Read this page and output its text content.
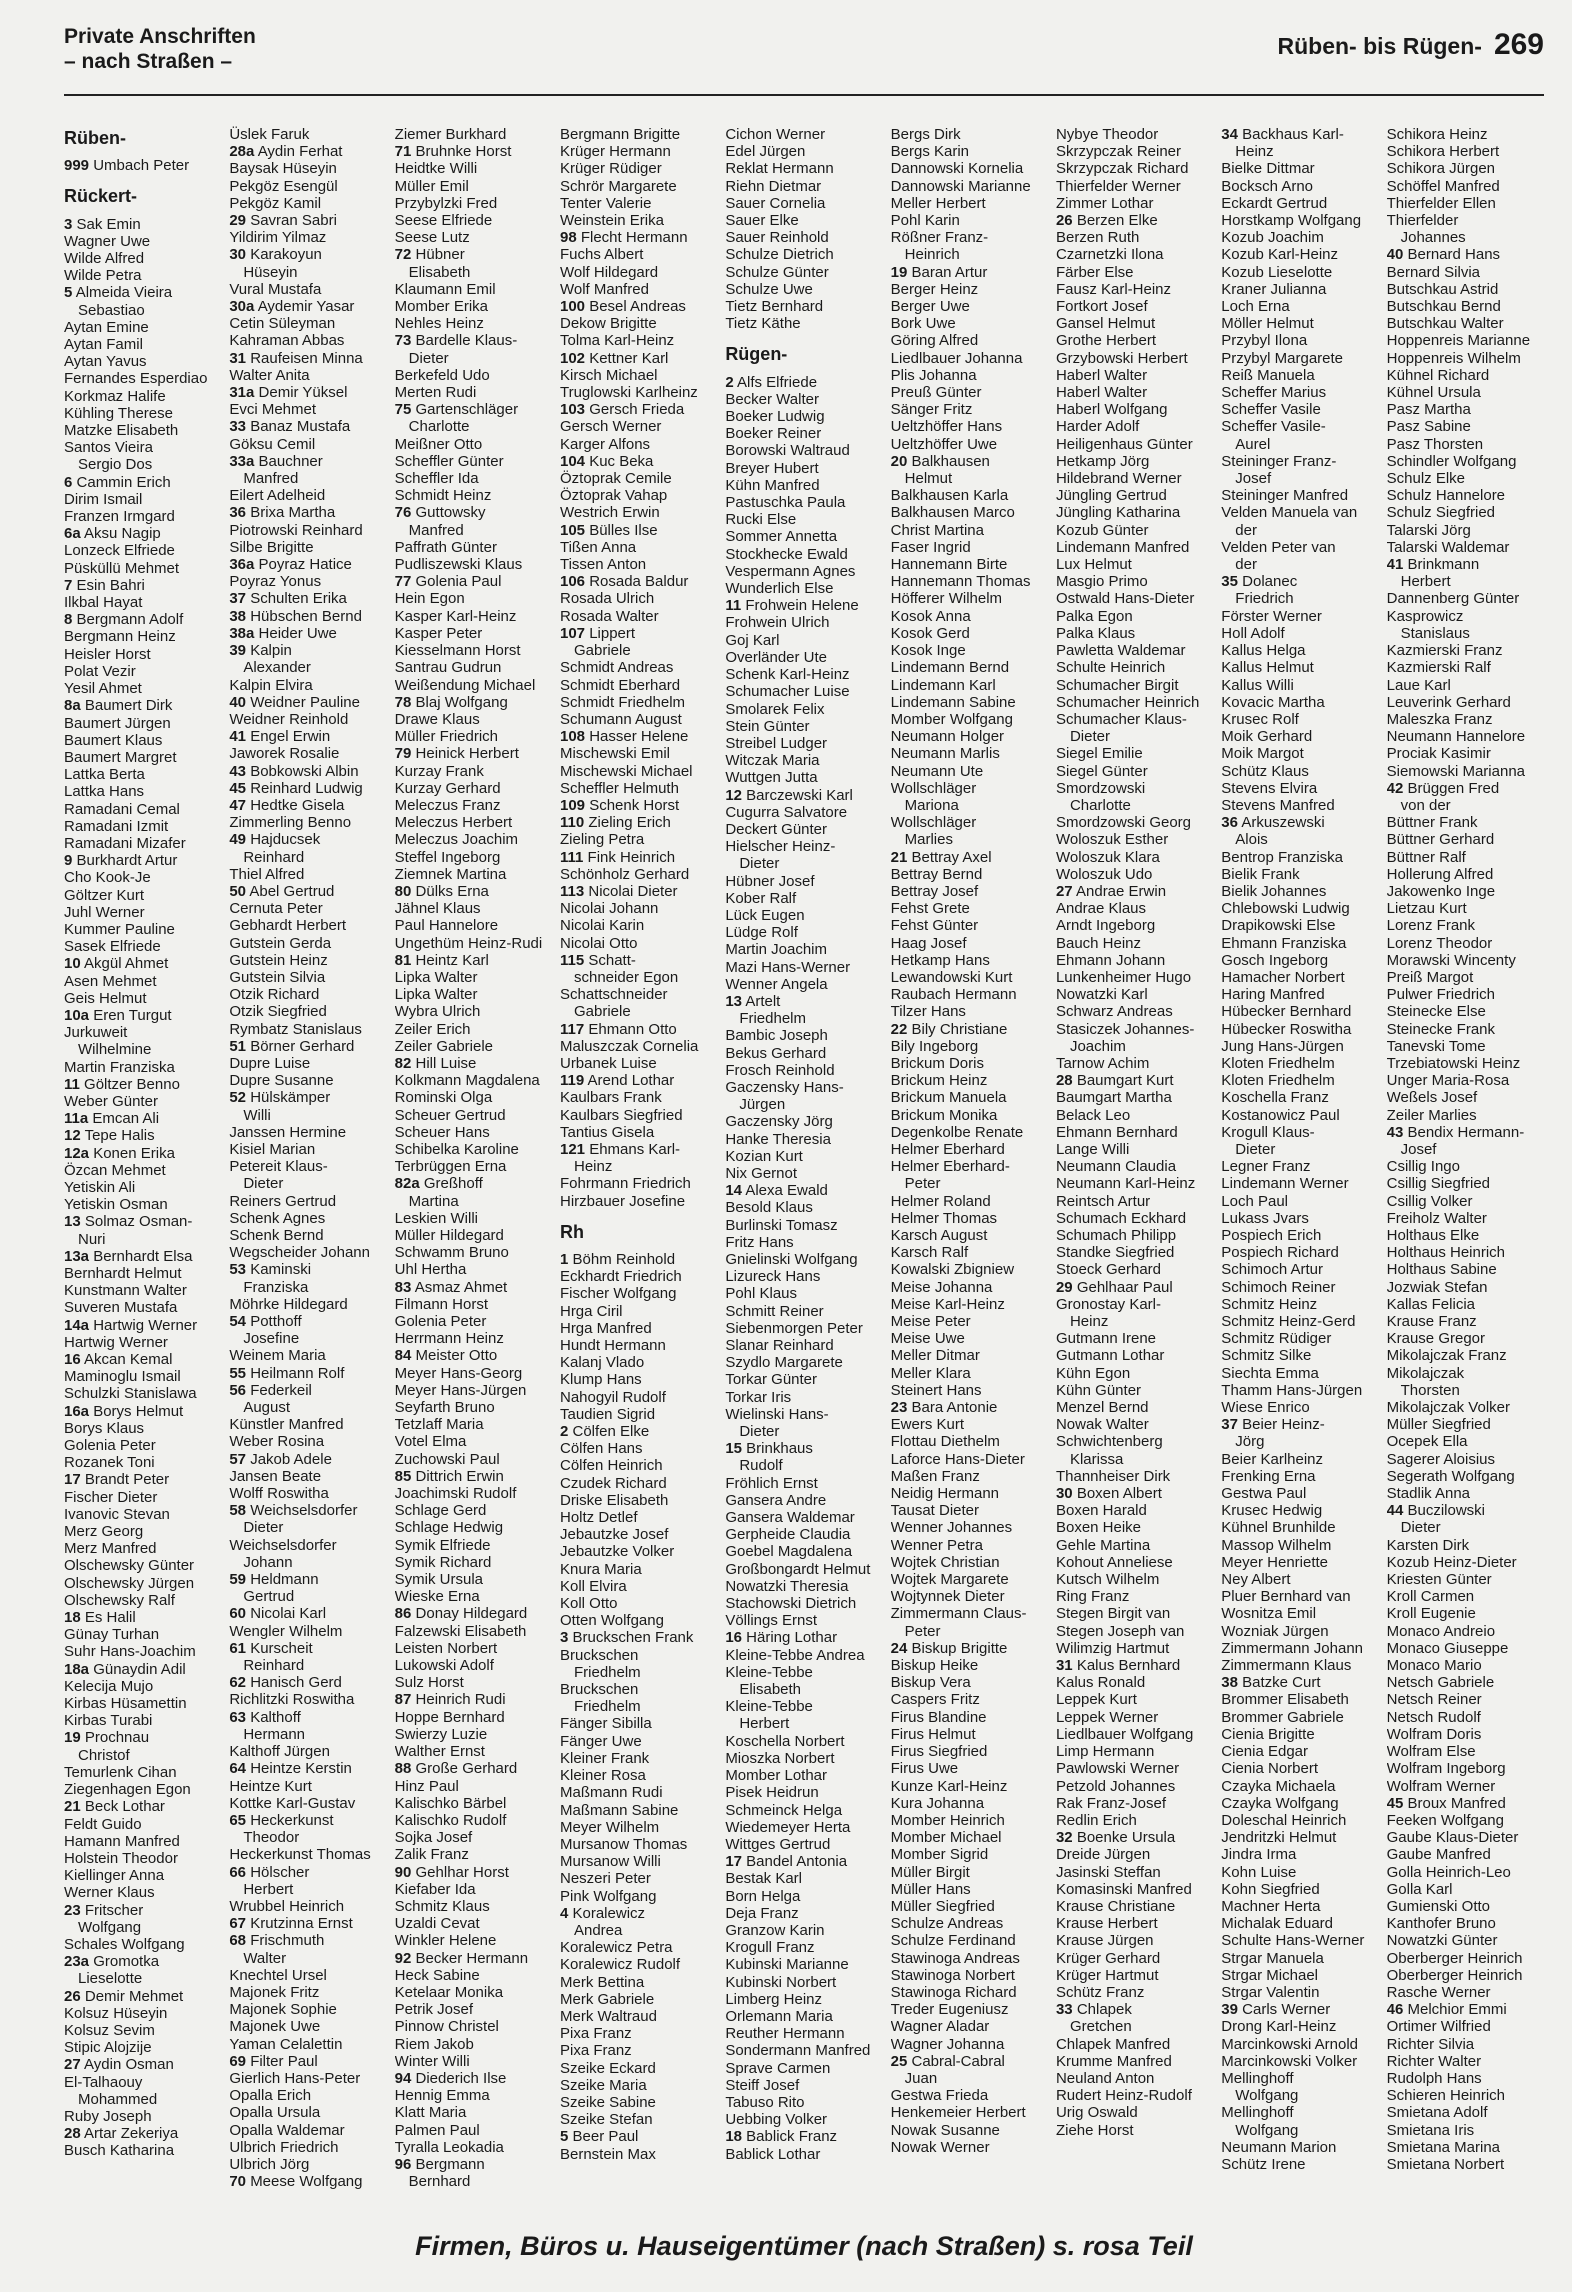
Private Anschriften
– nach Straßen –
Rüben- bis Rügen- 269
Rüben-
999 Umbach Peter
Rückert-
3 Sak Emin
Wagner Uwe
Wilde Alfred
Wilde Petra
5 Almeida Vieira
Sebastiao
Aytan Emine
Aytan Famil
Aytan Yavus
Fernandes Esperdiao
Korkmaz Halife
Kühling Therese
Matzke Elisabeth
Santos Vieira
Sergio Dos
6 Cammin Erich
Dirim Ismail
Franzen Irmgard
6a Aksu Nagip
Lonzeck Elfriede
Püsküllü Mehmet
7 Esin Bahri
Ilkbal Hayat
8 Bergmann Adolf
Bergmann Heinz
Heisler Horst
Polat Vezir
Yesil Ahmet
8a Baumert Dirk
Baumert Jürgen
Baumert Klaus
Baumert Margret
Lattka Berta
Lattka Hans
Ramadani Cemal
Ramadani Izmit
Ramadani Mizafer
9 Burkhardt Artur
Cho Kook-Je
Göltzer Kurt
Juhl Werner
Kummer Pauline
Sasek Elfriede
10 Akgül Ahmet
Asen Mehmet
Geis Helmut
10a Eren Turgut
Jurkuweit
Wilhelmine
Martin Franziska
11 Göltzer Benno
Weber Günter
11a Emcan Ali
12 Tepe Halis
12a Konen Erika
Özcan Mehmet
Yetiskin Ali
Yetiskin Osman
13 Solmaz Osman-
Nuri
13a Bernhardt Elsa
Bernhardt Helmut
Kunstmann Walter
Suveren Mustafa
14a Hartwig Werner
Hartwig Werner
16 Akcan Kemal
Maminoglu Ismail
Schulzki Stanislawa
16a Borys Helmut
Borys Klaus
Golenia Peter
Rozanek Toni
17 Brandt Peter
Fischer Dieter
Ivanovic Stevan
Merz Georg
Merz Manfred
Olschewsky Günter
Olschewsky Jürgen
Olschewsky Ralf
18 Es Halil
Günay Turhan
Suhr Hans-Joachim
18a Günaydin Adil
Kelecija Mujo
Kirbas Hüsamettin
Kirbas Turabi
19 Prochnau
Christof
Temurlenk Cihan
Ziegenhagen Egon
21 Beck Lothar
Feldt Guido
Hamann Manfred
Holstein Theodor
Kiellinger Anna
Werner Klaus
23 Fritscher
Wolfgang
Schales Wolfgang
23a Gromotka
Lieselotte
26 Demir Mehmet
Kolsuz Hüseyin
Kolsuz Sevim
Stipic Alojzije
27 Aydin Osman
El-Talhaouy
Mohammed
Ruby Joseph
28 Artar Zekeriya
Busch Katharina
Üslek Faruk
28a Aydin Ferhat
Baysak Hüseyin
Pekgöz Esengül
Pekgöz Kamil
29 Savran Sabri
Yildirim Yilmaz
30 Karakoyun
Hüseyin
Vural Mustafa
30a Aydemir Yasar
Cetin Süleyman
Kahraman Abbas
31 Raufeisen Minna
Walter Anita
31a Demir Yüksel
Evci Mehmet
33 Banaz Mustafa
Göksu Cemil
33a Bauchner
Manfred
Eilert Adelheid
36 Brixa Martha
Piotrowski Reinhard
Silbe Brigitte
36a Poyraz Hatice
Poyraz Yonus
37 Schulten Erika
38 Hübschen Bernd
38a Heider Uwe
39 Kalpin
Alexander
Kalpin Elvira
40 Weidner Pauline
Weidner Reinhold
41 Engel Erwin
Jaworek Rosalie
43 Bobkowski Albin
45 Reinhard Ludwig
47 Hedtke Gisela
Zimmerling Benno
49 Hajducsek
Reinhard
Thiel Alfred
50 Abel Gertrud
Cernuta Peter
Gebhardt Herbert
Gutstein Gerda
Gutstein Heinz
Gutstein Silvia
Otzik Richard
Otzik Siegfried
Rymbatz Stanislaus
51 Börner Gerhard
Dupre Luise
Dupre Susanne
52 Hülskämper
Willi
Janssen Hermine
Kisiel Marian
Petereit Klaus-
Dieter
Reiners Gertrud
Schenk Agnes
Schenk Bernd
Wegscheider Johann
53 Kaminski
Franziska
Möhrke Hildegard
54 Potthoff
Josefine
Weinem Maria
55 Heilmann Rolf
56 Federkeil
August
Künstler Manfred
Weber Rosina
57 Jakob Adele
Jansen Beate
Wolff Roswitha
58 Weichselsdorfer
Dieter
Weichselsdorfer
Johann
59 Heldmann
Gertrud
60 Nicolai Karl
Wengler Wilhelm
61 Kurscheit
Reinhard
62 Hanisch Gerd
Richlitzki Roswitha
63 Kalthoff
Hermann
Kalthoff Jürgen
64 Heintze Kerstin
Heintze Kurt
Kottke Karl-Gustav
65 Heckerkunst
Theodor
Heckerkunst Thomas
66 Hölscher
Herbert
Wrubbel Heinrich
67 Krutzinna Ernst
68 Frischmuth
Walter
Knechtel Ursel
Majonek Fritz
Majonek Sophie
Majonek Uwe
Yaman Celalettin
69 Filter Paul
Gierlich Hans-Peter
Opalla Erich
Opalla Ursula
Opalla Waldemar
Ulbrich Friedrich
Ulbrich Jörg
70 Meese Wolfgang
Ziemer Burkhard
71 Bruhnke Horst
Heidtke Willi
Müller Emil
Przybylzki Fred
Seese Elfriede
Seese Lutz
72 Hübner
Elisabeth
Klaumann Emil
Momber Erika
Nehles Heinz
73 Bardelle Klaus-
Dieter
Berkefeld Udo
Merten Rudi
75 Gartenschläger
Charlotte
Meißner Otto
Scheffler Günter
Scheffler Ida
Schmidt Heinz
76 Guttowsky
Manfred
Paffrath Günter
Pudliszewski Klaus
77 Golenia Paul
Hein Egon
Kasper Karl-Heinz
Kasper Peter
Kiesselmann Horst
Santrau Gudrun
Weißendung Michael
78 Blaj Wolfgang
Drawe Klaus
Müller Friedrich
79 Heinick Herbert
Kurzay Frank
Kurzay Gerhard
Meleczus Franz
Meleczus Herbert
Meleczus Joachim
Steffel Ingeborg
Ziemnek Martina
80 Dülks Erna
Jähnel Klaus
Paul Hannelore
Ungethüm Heinz-Rudi
81 Heintz Karl
Lipka Walter
Lipka Walter
Wybra Ulrich
Zeiler Erich
Zeiler Gabriele
82 Hill Luise
Kolkmann Magdalena
Rominski Olga
Scheuer Gertrud
Scheuer Hans
Schibelka Karoline
Terbrüggen Erna
82a Greßhoff
Martina
Leskien Willi
Müller Hildegard
Schwamm Bruno
Uhl Hertha
83 Asmaz Ahmet
Filmann Horst
Golenia Peter
Herrmann Heinz
84 Meister Otto
Meyer Hans-Georg
Meyer Hans-Jürgen
Seyfarth Bruno
Tetzlaff Maria
Votel Elma
Zuchowski Paul
85 Dittrich Erwin
Joachimski Rudolf
Schlage Gerd
Schlage Hedwig
Symik Elfriede
Symik Richard
Symik Ursula
Wieske Erna
86 Donay Hildegard
Falzewski Elisabeth
Leisten Norbert
Lukowski Adolf
Sulz Horst
87 Heinrich Rudi
Hoppe Bernhard
Swierzy Luzie
Walther Ernst
88 Große Gerhard
Hinz Paul
Kalischko Bärbel
Kalischko Rudolf
Sojka Josef
Zalik Franz
90 Gehlhar Horst
Kiefaber Ida
Schmitz Klaus
Uzaldi Cevat
Winkler Helene
92 Becker Hermann
Heck Sabine
Ketelaar Monika
Petrik Josef
Pinnow Christel
Riem Jakob
Winter Willi
94 Diederich Ilse
Hennig Emma
Klatt Maria
Palmen Paul
Tyralla Leokadia
96 Bergmann
Bernhard
Bergmann Brigitte
Krüger Hermann
Krüger Rüdiger
Schrör Margarete
Tenter Valerie
Weinstein Erika
98 Flecht Hermann
Fuchs Albert
Wolf Hildegard
Wolf Manfred
100 Besel Andreas
Dekow Brigitte
Tolma Karl-Heinz
102 Kettner Karl
Kirsch Michael
Truglowski Karlheinz
103 Gersch Frieda
Gersch Werner
Karger Alfons
104 Kuc Beka
Öztoprak Cemile
Öztoprak Vahap
Westrich Erwin
105 Bülles Ilse
Tißen Anna
Tissen Anton
106 Rosada Baldur
Rosada Ulrich
Rosada Walter
107 Lippert
Gabriele
Schmidt Andreas
Schmidt Eberhard
Schmidt Friedhelm
Schumann August
108 Hasser Helene
Mischewski Emil
Mischewski Michael
Scheffler Helmuth
109 Schenk Horst
110 Zieling Erich
Zieling Petra
111 Fink Heinrich
Schönholz Gerhard
113 Nicolai Dieter
Nicolai Johann
Nicolai Karin
Nicolai Otto
115 Schatt-
schneider Egon
Schattschneider
Gabriele
117 Ehmann Otto
Maluszczak Cornelia
Urbanek Luise
119 Arend Lothar
Kaulbars Frank
Kaulbars Siegfried
Tantius Gisela
121 Ehmans Karl-
Heinz
Fohrmann Friedrich
Hirzbauer Josefine
Rh
1 Böhm Reinhold
Eckhardt Friedrich
Fischer Wolfgang
Hrga Ciril
Hrga Manfred
Hundt Hermann
Kalanj Vlado
Klump Hans
Nahogyil Rudolf
Taudien Sigrid
2 Cölfen Elke
Cölfen Hans
Cölfen Heinrich
Czudek Richard
Driske Elisabeth
Holtz Detlef
Jebautzke Josef
Jebautzke Volker
Knura Maria
Koll Elvira
Koll Otto
Otten Wolfgang
3 Bruckschen Frank
Bruckschen
Friedhelm
Bruckschen
Friedhelm
Fänger Sibilla
Fänger Uwe
Kleiner Frank
Kleiner Rosa
Maßmann Rudi
Maßmann Sabine
Meyer Wilhelm
Mursanow Thomas
Mursanow Willi
Neszeri Peter
Pink Wolfgang
4 Koralewicz
Andrea
Koralewicz Petra
Koralewicz Rudolf
Merk Bettina
Merk Gabriele
Merk Waltraud
Pixa Franz
Pixa Franz
Szeike Eckard
Szeike Maria
Szeike Sabine
Szeike Stefan
5 Beer Paul
Bernstein Max
Cichon Werner
Edel Jürgen
Reklat Hermann
Riehn Dietmar
Sauer Cornelia
Sauer Elke
Sauer Reinhold
Schulze Dietrich
Schulze Günter
Schulze Uwe
Tietz Bernhard
Tietz Käthe
Rügen-
2 Alfs Elfriede
Becker Walter
Boeker Ludwig
Boeker Reiner
Borowski Waltraud
Breyer Hubert
Kühn Manfred
Pastuschka Paula
Rucki Else
Sommer Annetta
Stockhecke Ewald
Vespermann Agnes
Wunderlich Else
11 Frohwein Helene
Frohwein Ulrich
Goj Karl
Overländer Ute
Schenk Karl-Heinz
Schumacher Luise
Smolarek Felix
Stein Günter
Streibel Ludger
Witczak Maria
Wuttgen Jutta
12 Barczewski Karl
Cugurra Salvatore
Deckert Günter
Hielscher Heinz-
Dieter
Hübner Josef
Kober Ralf
Lück Eugen
Lüdge Rolf
Martin Joachim
Mazi Hans-Werner
Wenner Angela
13 Artelt
Friedhelm
Bambic Joseph
Bekus Gerhard
Frosch Reinhold
Gaczensky Hans-
Jürgen
Gaczensky Jörg
Hanke Theresia
Kozian Kurt
Nix Gernot
14 Alexa Ewald
Besold Klaus
Burlinski Tomasz
Fritz Hans
Gnielinski Wolfgang
Lizureck Hans
Pohl Klaus
Schmitt Reiner
Siebenmorgen Peter
Slanar Reinhard
Szydlo Margarete
Torkar Günter
Torkar Iris
Wielinski Hans-
Dieter
15 Brinkhaus
Rudolf
Fröhlich Ernst
Gansera Andre
Gansera Waldemar
Gerpheide Claudia
Goebel Magdalena
Großbongardt Helmut
Nowatzki Theresia
Stachowski Dietrich
Völlings Ernst
16 Häring Lothar
Kleine-Tebbe Andrea
Kleine-Tebbe
Elisabeth
Kleine-Tebbe
Herbert
Koschella Norbert
Mioszka Norbert
Momber Lothar
Pisek Heidrun
Schmeinck Helga
Wiedemeyer Herta
Wittges Gertrud
17 Bandel Antonia
Bestak Karl
Born Helga
Deja Franz
Granzow Karin
Krogull Franz
Kubinski Marianne
Kubinski Norbert
Limberg Heinz
Orlemann Maria
Reuther Hermann
Sondermann Manfred
Sprave Carmen
Steiff Josef
Tabuso Rito
Uebbing Volker
18 Bablick Franz
Bablick Lothar
Bergs Dirk
Bergs Karin
Dannowski Kornelia
Dannowski Marianne
Meller Herbert
Pohl Karin
Rößner Franz-
Heinrich
19 Baran Artur
Berger Heinz
Berger Uwe
Bork Uwe
Göring Alfred
Liedlbauer Johanna
Plis Johanna
Preuß Günter
Sänger Fritz
Ueltzhöffer Hans
Ueltzhöffer Uwe
20 Balkhausen
Helmut
Balkhausen Karla
Balkhausen Marco
Christ Martina
Faser Ingrid
Hannemann Birte
Hannemann Thomas
Höfferer Wilhelm
Kosok Anna
Kosok Gerd
Kosok Inge
Lindemann Bernd
Lindemann Karl
Lindemann Sabine
Momber Wolfgang
Neumann Holger
Neumann Marlis
Neumann Ute
Wollschläger
Mariona
Wollschläger
Marlies
21 Bettray Axel
Bettray Bernd
Bettray Josef
Fehst Grete
Fehst Günter
Haag Josef
Hetkamp Hans
Lewandowski Kurt
Raubach Hermann
Tilzer Hans
22 Bily Christiane
Bily Ingeborg
Brickum Doris
Brickum Heinz
Brickum Manuela
Brickum Monika
Degenkolbe Renate
Helmer Eberhard
Helmer Eberhard-
Peter
Helmer Roland
Helmer Thomas
Karsch August
Karsch Ralf
Kowalski Zbigniew
Meise Johanna
Meise Karl-Heinz
Meise Peter
Meise Uwe
Meller Ditmar
Meller Klara
Steinert Hans
23 Bara Antonie
Ewers Kurt
Flottau Diethelm
Laforce Hans-Dieter
Maßen Franz
Neidig Hermann
Tausat Dieter
Wenner Johannes
Wenner Petra
Wojtek Christian
Wojtek Margarete
Wojtynnek Dieter
Zimmermann Claus-
Peter
24 Biskup Brigitte
Biskup Heike
Biskup Vera
Caspers Fritz
Firus Blandine
Firus Helmut
Firus Siegfried
Firus Uwe
Kunze Karl-Heinz
Kura Johanna
Momber Heinrich
Momber Michael
Momber Sigrid
Müller Birgit
Müller Hans
Müller Siegfried
Schulze Andreas
Schulze Ferdinand
Stawinoga Andreas
Stawinoga Norbert
Stawinoga Richard
Treder Eugeniusz
Wagner Aladar
Wagner Johanna
25 Cabral-Cabral
Juan
Gestwa Frieda
Henkemeier Herbert
Nowak Susanne
Nowak Werner
Nybye Theodor
Skrzypczak Reiner
Skrzypczak Richard
Thierfelder Werner
Zimmer Lothar
26 Berzen Elke
Berzen Ruth
Czarnetzki Ilona
Färber Else
Fausz Karl-Heinz
Fortkort Josef
Gansel Helmut
Grothe Herbert
Grzybowski Herbert
Haberl Walter
Haberl Walter
Haberl Wolfgang
Harder Adolf
Heiligenhaus Günter
Hetkamp Jörg
Hildebrand Werner
Jüngling Gertrud
Jüngling Katharina
Kozub Günter
Lindemann Manfred
Lux Helmut
Masgio Primo
Ostwald Hans-Dieter
Palka Egon
Palka Klaus
Pawletta Waldemar
Schulte Heinrich
Schumacher Birgit
Schumacher Heinrich
Schumacher Klaus-
Dieter
Siegel Emilie
Siegel Günter
Smordzowski
Charlotte
Smordzowski Georg
Woloszuk Esther
Woloszuk Klara
Woloszuk Udo
27 Andrae Erwin
Andrae Klaus
Arndt Ingeborg
Bauch Heinz
Ehmann Johann
Lunkenheimer Hugo
Nowatzki Karl
Schwarz Andreas
Stasiczek Johannes-
Joachim
Tarnow Achim
28 Baumgart Kurt
Baumgart Martha
Belack Leo
Ehmann Bernhard
Lange Willi
Neumann Claudia
Neumann Karl-Heinz
Reintsch Artur
Schumach Eckhard
Schumach Philipp
Standke Siegfried
Stoeck Gerhard
29 Gehlhaar Paul
Gronostay Karl-
Heinz
Gutmann Irene
Gutmann Lothar
Kühn Egon
Kühn Günter
Menzel Bernd
Nowak Walter
Schwichtenberg
Klarissa
Thannheiser Dirk
30 Boxen Albert
Boxen Harald
Boxen Heike
Gehle Martina
Kohout Anneliese
Kutsch Wilhelm
Ring Franz
Stegen Birgit van
Stegen Joseph van
Wilimzig Hartmut
31 Kalus Bernhard
Kalus Ronald
Leppek Kurt
Leppek Werner
Liedlbauer Wolfgang
Limp Hermann
Pawlowski Werner
Petzold Johannes
Rak Franz-Josef
Redlin Erich
32 Boenke Ursula
Dreide Jürgen
Jasinski Steffan
Komasinski Manfred
Krause Christiane
Krause Herbert
Krause Jürgen
Krüger Gerhard
Krüger Hartmut
Schütz Franz
33 Chlapek
Gretchen
Chlapek Manfred
Krumme Manfred
Neuland Anton
Rudert Heinz-Rudolf
Urig Oswald
Ziehe Horst
34 Backhaus Karl-
Heinz
Bielke Dittmar
Bocksch Arno
Eckardt Gertrud
Horstkamp Wolfgang
Kozub Joachim
Kozub Karl-Heinz
Kozub Lieselotte
Kraner Julianna
Loch Erna
Möller Helmut
Przybyl Ilona
Przybyl Margarete
Reiß Manuela
Scheffer Marius
Scheffer Vasile
Scheffer Vasile-
Aurel
Steininger Franz-
Josef
Steininger Manfred
Velden Manuela van
der
Velden Peter van
der
35 Dolanec
Friedrich
Förster Werner
Holl Adolf
Kallus Helga
Kallus Helmut
Kallus Willi
Kovacic Martha
Krusec Rolf
Moik Gerhard
Moik Margot
Schütz Klaus
Stevens Elvira
Stevens Manfred
36 Arkuszewski
Alois
Bentrop Franziska
Bielik Frank
Bielik Johannes
Chlebowski Ludwig
Drapikowski Else
Ehmann Franziska
Gosch Ingeborg
Hamacher Norbert
Haring Manfred
Hübecker Bernhard
Hübecker Roswitha
Jung Hans-Jürgen
Kloten Friedhelm
Kloten Friedhelm
Koschella Franz
Kostanowicz Paul
Krogull Klaus-
Dieter
Legner Franz
Lindemann Werner
Loch Paul
Lukass Jvars
Pospiech Erich
Pospiech Richard
Schimoch Artur
Schimoch Reiner
Schmitz Heinz
Schmitz Heinz-Gerd
Schmitz Rüdiger
Schmitz Silke
Siechta Emma
Thamm Hans-Jürgen
Wiese Enrico
37 Beier Heinz-
Jörg
Beier Karlheinz
Frenking Erna
Gestwa Paul
Krusec Hedwig
Kühnel Brunhilde
Massop Wilhelm
Meyer Henriette
Ney Albert
Pluer Bernhard van
Wosnitza Emil
Wozniak Jürgen
Zimmermann Johann
Zimmermann Klaus
38 Batzke Curt
Brommer Elisabeth
Brommer Gabriele
Cienia Brigitte
Cienia Edgar
Cienia Norbert
Czayka Michaela
Czayka Wolfgang
Doleschal Heinrich
Jendritzki Helmut
Jindra Irma
Kohn Luise
Kohn Siegfried
Machner Herta
Michalak Eduard
Schulte Hans-Werner
Strgar Manuela
Strgar Michael
Strgar Valentin
39 Carls Werner
Drong Karl-Heinz
Marcinkowski Arnold
Marcinkowski Volker
Mellinghoff
Wolfgang
Mellinghoff
Wolfgang
Neumann Marion
Schütz Irene
Schikora Heinz
Schikora Herbert
Schikora Jürgen
Schöffel Manfred
Thierfelder Ellen
Thierfelder
Johannes
40 Bernard Hans
Bernard Silvia
Butschkau Astrid
Butschkau Bernd
Butschkau Walter
Hoppenreis Marianne
Hoppenreis Wilhelm
Kühnel Richard
Kühnel Ursula
Pasz Martha
Pasz Sabine
Pasz Thorsten
Schindler Wolfgang
Schulz Elke
Schulz Hannelore
Schulz Siegfried
Talarski Jörg
Talarski Waldemar
41 Brinkmann
Herbert
Dannenberg Günter
Kasprowicz
Stanislaus
Kazmierski Franz
Kazmierski Ralf
Laue Karl
Leuverink Gerhard
Maleszka Franz
Neumann Hannelore
Prociak Kasimir
Siemowski Marianna
42 Brüggen Fred
von der
Büttner Frank
Büttner Gerhard
Büttner Ralf
Hollerung Alfred
Jakowenko Inge
Lietzau Kurt
Lorenz Frank
Lorenz Theodor
Morawski Wincenty
Preiß Margot
Pulwer Friedrich
Steinecke Else
Steinecke Frank
Tanevski Tome
Trzebiatowski Heinz
Unger Maria-Rosa
Weßels Josef
Zeiler Marlies
43 Bendix Hermann-
Josef
Csillig Ingo
Csillig Siegfried
Csillig Volker
Freiholz Walter
Holthaus Elke
Holthaus Heinrich
Holthaus Sabine
Jozwiak Stefan
Kallas Felicia
Krause Franz
Krause Gregor
Mikolajczak Franz
Mikolajczak
Thorsten
Mikolajczak Volker
Müller Siegfried
Ocepek Ella
Sagerer Aloisius
Segerath Wolfgang
Stadlik Anna
44 Buczilowski
Dieter
Karsten Dirk
Kozub Heinz-Dieter
Kriesten Günter
Kroll Carmen
Kroll Eugenie
Monaco Andreio
Monaco Giuseppe
Monaco Mario
Netsch Gabriele
Netsch Reiner
Netsch Rudolf
Wolfram Doris
Wolfram Else
Wolfram Ingeborg
Wolfram Werner
45 Broux Manfred
Feeken Wolfgang
Gaube Klaus-Dieter
Gaube Manfred
Golla Heinrich-Leo
Golla Karl
Gumienski Otto
Kanthofer Bruno
Nowatzki Günter
Oberberger Heinrich
Oberberger Heinrich
Rasche Werner
46 Melchior Emmi
Ortimer Wilfried
Richter Silvia
Richter Walter
Rudolph Hans
Schieren Heinrich
Smietana Adolf
Smietana Iris
Smietana Marina
Smietana Norbert
Firmen, Büros u. Hauseigentümer (nach Straßen) s. rosa Teil
